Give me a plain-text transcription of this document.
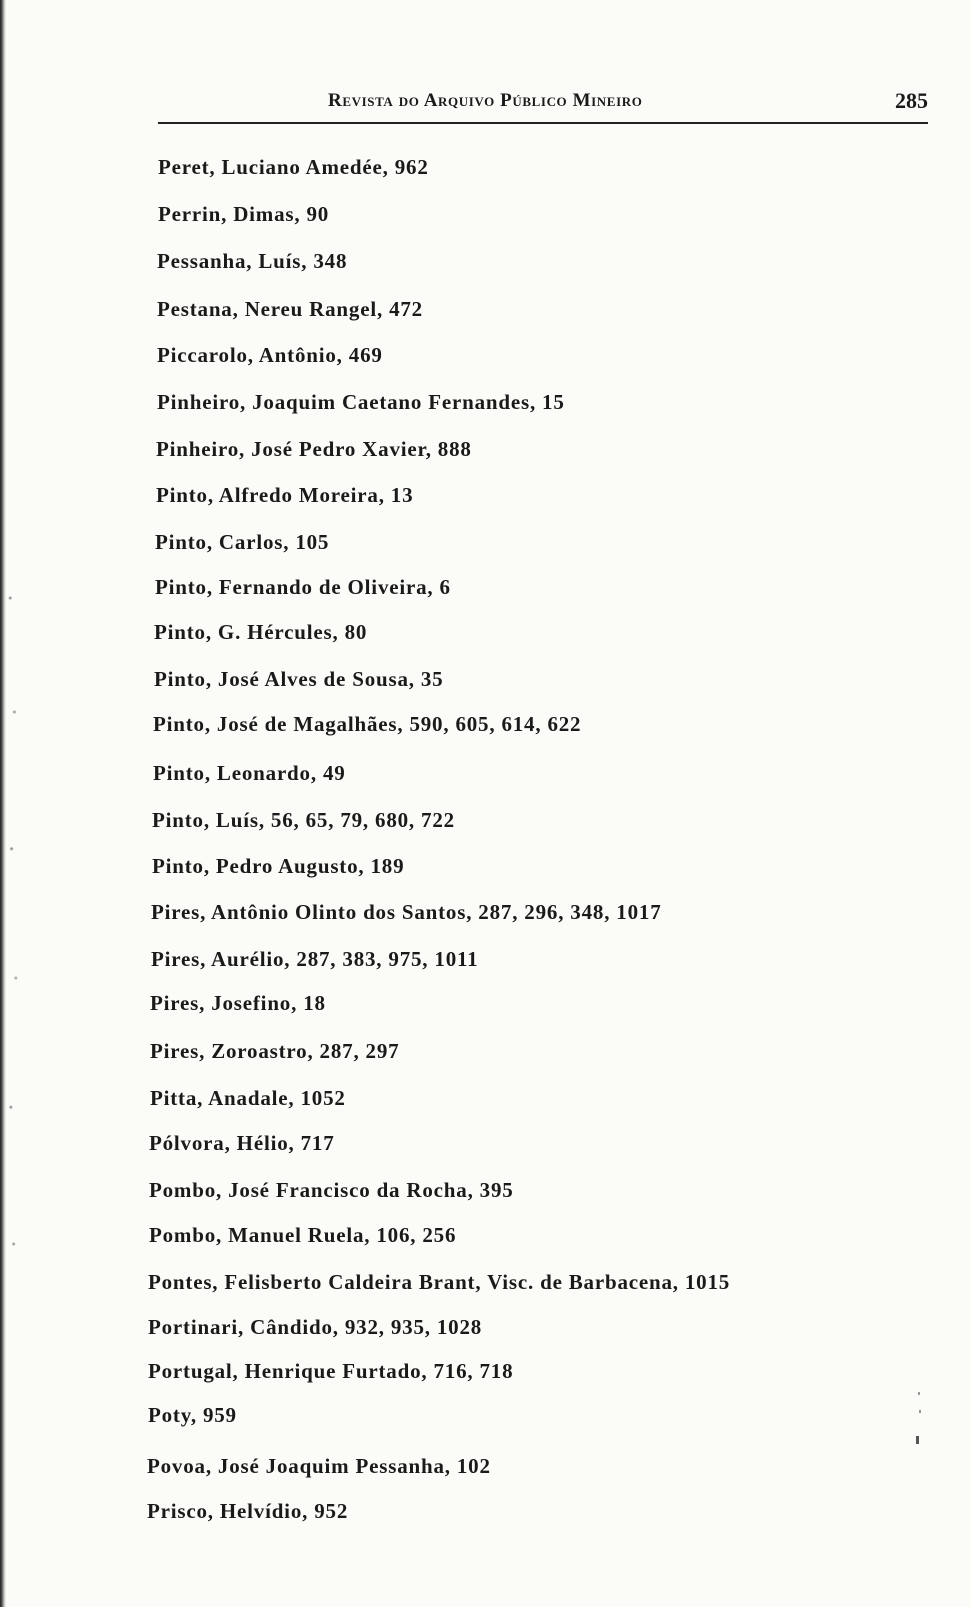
Revista do Arquivo Público Mineiro	285
Peret, Luciano Amedée, 962
Perrin, Dimas, 90
Pessanha, Luís, 348
Pestana, Nereu Rangel, 472
Piccarolo, Antônio, 469
Pinheiro, Joaquim Caetano Fernandes, 15
Pinheiro, José Pedro Xavier, 888
Pinto, Alfredo Moreira, 13
Pinto, Carlos, 105
Pinto, Fernando de Oliveira, 6
Pinto, G. Hércules, 80
Pinto, José Alves de Sousa, 35
Pinto, José de Magalhães, 590, 605, 614, 622
Pinto, Leonardo, 49
Pinto, Luís, 56, 65, 79, 680, 722
Pinto, Pedro Augusto, 189
Pires, Antônio Olinto dos Santos, 287, 296, 348, 1017
Pires, Aurélio, 287, 383, 975, 1011
Pires, Josefino, 18
Pires, Zoroastro, 287, 297
Pitta, Anadale, 1052
Pólvora, Hélio, 717
Pombo, José Francisco da Rocha, 395
Pombo, Manuel Ruela, 106, 256
Pontes, Felisberto Caldeira Brant, Visc. de Barbacena, 1015
Portinari, Cândido, 932, 935, 1028
Portugal, Henrique Furtado, 716, 718
Poty, 959
Povoa, José Joaquim Pessanha, 102
Prisco, Helvídio, 952
